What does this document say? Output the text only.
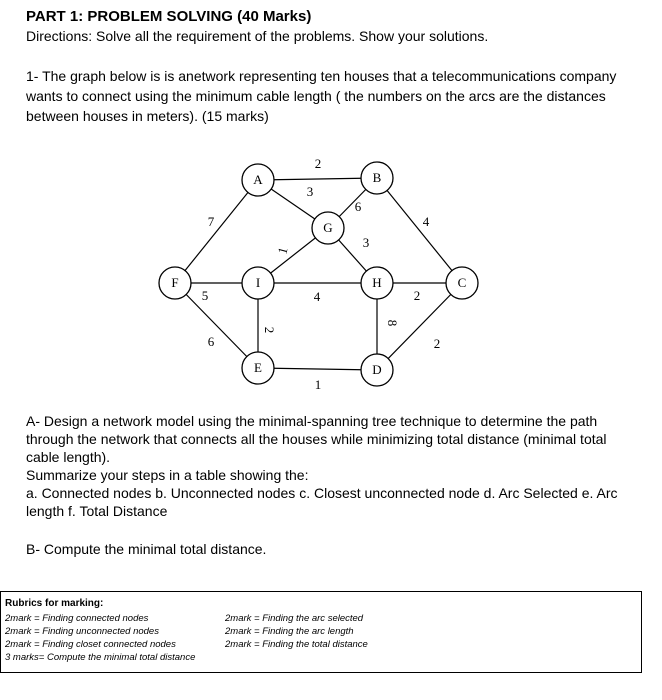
PART 1: PROBLEM SOLVING (40 Marks)
Directions: Solve all the requirement of the problems. Show your solutions.
1- The graph below is is anetwork representing ten houses that a telecommunications company wants to connect using the minimum cable length ( the numbers on the arcs are the distances between houses in meters). (15 marks)
2
3
6
7	4
1
3
5	4	2
6
2
8
2
1
A	B
G
F	I	H	C
E	D

A- Design a network model using the minimal-spanning tree technique to determine the path through the network that connects all the houses while minimizing total distance (minimal total cable length).

Summarize your steps in a table showing the:

a. Connected nodes b. Unconnected nodes c. Closest unconnected node d. Arc Selected e. Arc length f. Total Distance

B- Compute the minimal total distance.
Rubrics for marking:
2mark = Finding connected nodes
2mark = Finding unconnected nodes
2mark = Finding closet connected nodes
3 marks= Compute the minimal total distance
2mark = Finding the arc selected
2mark = Finding the arc length
2mark = Finding the total distance
